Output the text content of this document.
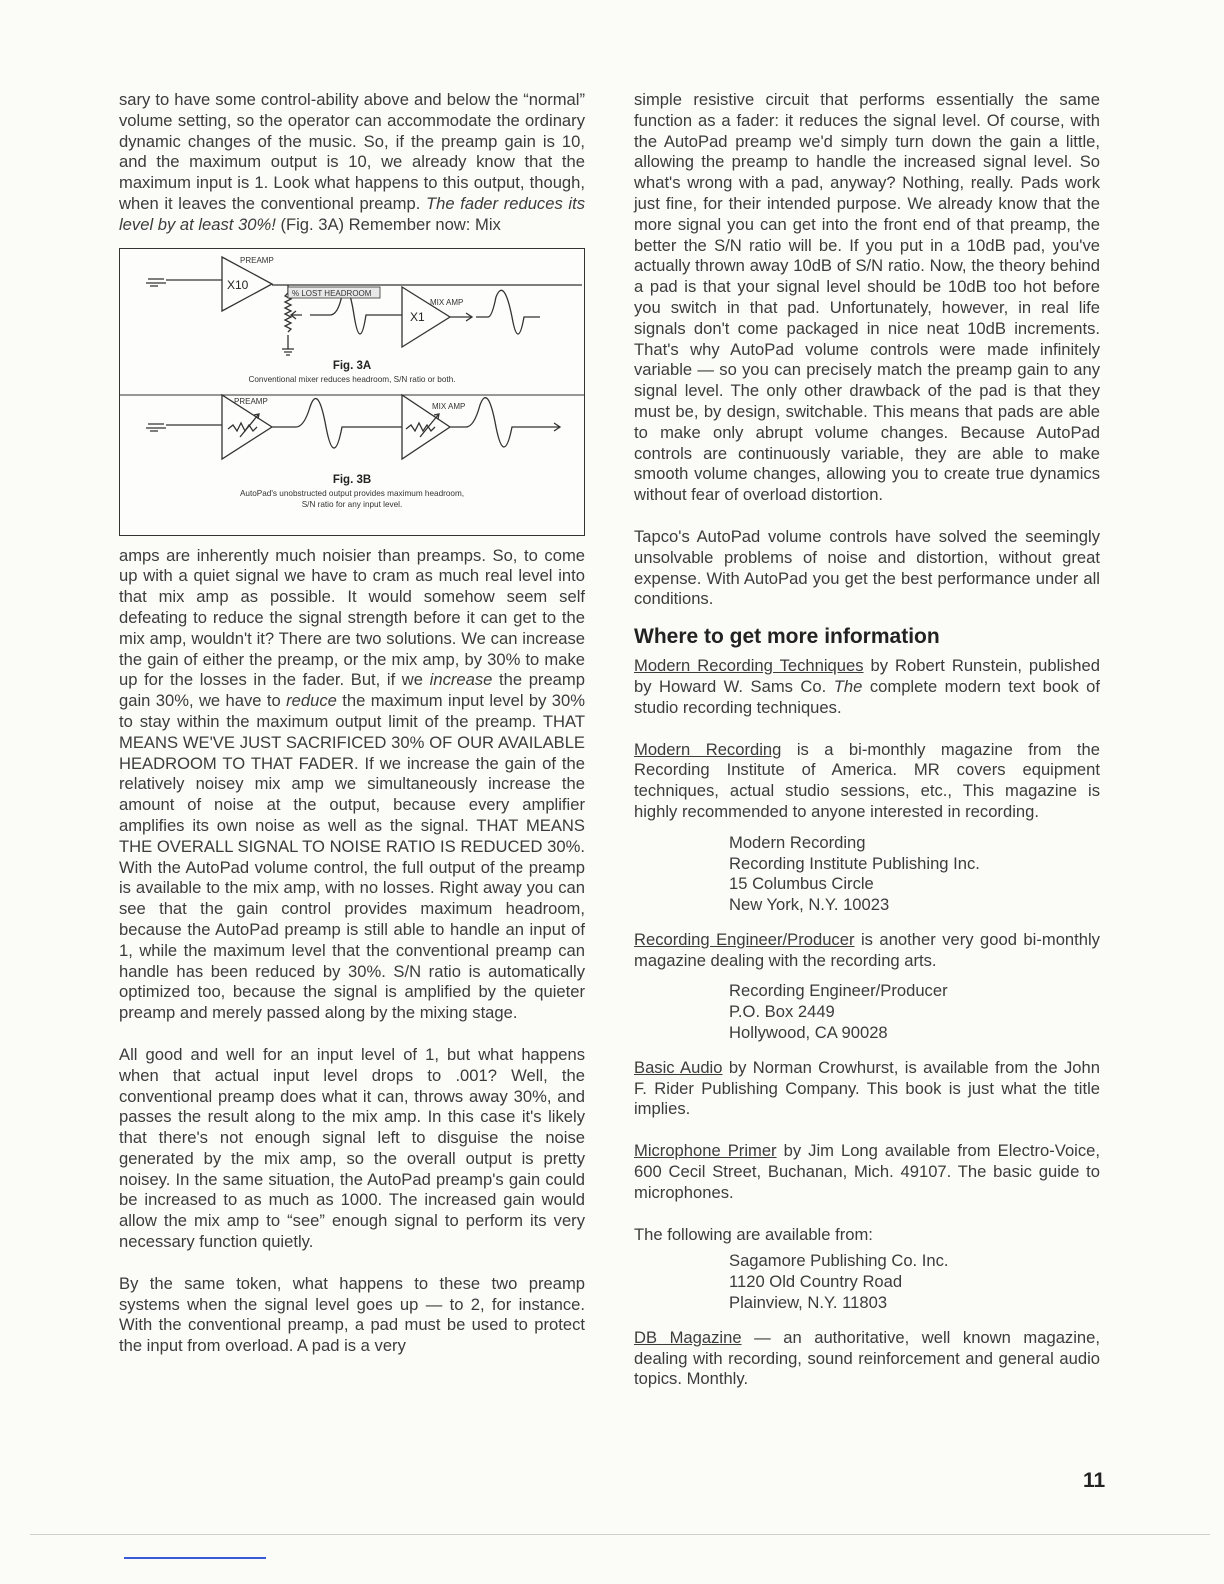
sary to have some control-ability above and below the “normal” volume setting, so the operator can accommodate the ordinary dynamic changes of the music. So, if the preamp gain is 10, and the maximum output is 10, we already know that the maximum input is 1. Look what happens to this output, though, when it leaves the conventional preamp. The fader reduces its level by at least 30%! (Fig. 3A) Remember now: Mix

PREAMP
X10
% LOST HEADROOM
MIX AMP
X1
Fig. 3A
Conventional mixer reduces headroom, S/N ratio or both.
PREAMP
MIX AMP
Fig. 3B
AutoPad's unobstructed output provides maximum headroom,
S/N ratio for any input level.

amps are inherently much noisier than preamps. So, to come up with a quiet signal we have to cram as much real level into that mix amp as possible. It would somehow seem self defeating to reduce the signal strength before it can get to the mix amp, wouldn't it? There are two solutions. We can increase the gain of either the preamp, or the mix amp, by 30% to make up for the losses in the fader. But, if we increase the preamp gain 30%, we have to reduce the maximum input level by 30% to stay within the maximum output limit of the preamp. THAT MEANS WE'VE JUST SACRIFICED 30% OF OUR AVAILABLE HEADROOM TO THAT FADER. If we increase the gain of the relatively noisey mix amp we simultaneously increase the amount of noise at the output, because every amplifier amplifies its own noise as well as the signal. THAT MEANS THE OVERALL SIGNAL TO NOISE RATIO IS REDUCED 30%. With the AutoPad volume control, the full output of the preamp is available to the mix amp, with no losses. Right away you can see that the gain control provides maximum headroom, because the AutoPad preamp is still able to handle an input of 1, while the maximum level that the conventional preamp can handle has been reduced by 30%. S/N ratio is automatically optimized too, because the signal is amplified by the quieter preamp and merely passed along by the mixing stage.

All good and well for an input level of 1, but what happens when that actual input level drops to .001? Well, the conventional preamp does what it can, throws away 30%, and passes the result along to the mix amp. In this case it's likely that there's not enough signal left to disguise the noise generated by the mix amp, so the overall output is pretty noisey. In the same situation, the AutoPad preamp's gain could be increased to as much as 1000. The increased gain would allow the mix amp to “see” enough signal to perform its very necessary function quietly.

By the same token, what happens to these two preamp systems when the signal level goes up — to 2, for instance. With the conventional preamp, a pad must be used to protect the input from overload. A pad is a very

simple resistive circuit that performs essentially the same function as a fader: it reduces the signal level. Of course, with the AutoPad preamp we'd simply turn down the gain a little, allowing the preamp to handle the increased signal level. So what's wrong with a pad, anyway? Nothing, really. Pads work just fine, for their intended purpose. We already know that the more signal you can get into the front end of that preamp, the better the S/N ratio will be. If you put in a 10dB pad, you've actually thrown away 10dB of S/N ratio. Now, the theory behind a pad is that your signal level should be 10dB too hot before you switch in that pad. Unfortunately, however, in real life signals don't come packaged in nice neat 10dB increments. That's why AutoPad volume controls were made infinitely variable — so you can precisely match the preamp gain to any signal level. The only other drawback of the pad is that they must be, by design, switchable. This means that pads are able to make only abrupt volume changes. Because AutoPad controls are continuously variable, they are able to make smooth volume changes, allowing you to create true dynamics without fear of overload distortion.

Tapco's AutoPad volume controls have solved the seemingly unsolvable problems of noise and distortion, without great expense. With AutoPad you get the best performance under all conditions.

Where to get more information

Modern Recording Techniques by Robert Runstein, published by Howard W. Sams Co. The complete modern text book of studio recording techniques.

Modern Recording is a bi-monthly magazine from the Recording Institute of America. MR covers equipment techniques, actual studio sessions, etc., This magazine is highly recommended to anyone interested in recording.

Modern Recording
Recording Institute Publishing Inc.
15 Columbus Circle
New York, N.Y. 10023

Recording Engineer/Producer is another very good bi-monthly magazine dealing with the recording arts.

Recording Engineer/Producer
P.O. Box 2449
Hollywood, CA 90028

Basic Audio by Norman Crowhurst, is available from the John F. Rider Publishing Company. This book is just what the title implies.

Microphone Primer by Jim Long available from Electro-Voice, 600 Cecil Street, Buchanan, Mich. 49107. The basic guide to microphones.

The following are available from:

Sagamore Publishing Co. Inc.
1120 Old Country Road
Plainview, N.Y. 11803

DB Magazine — an authoritative, well known magazine, dealing with recording, sound reinforcement and general audio topics. Monthly.

11
